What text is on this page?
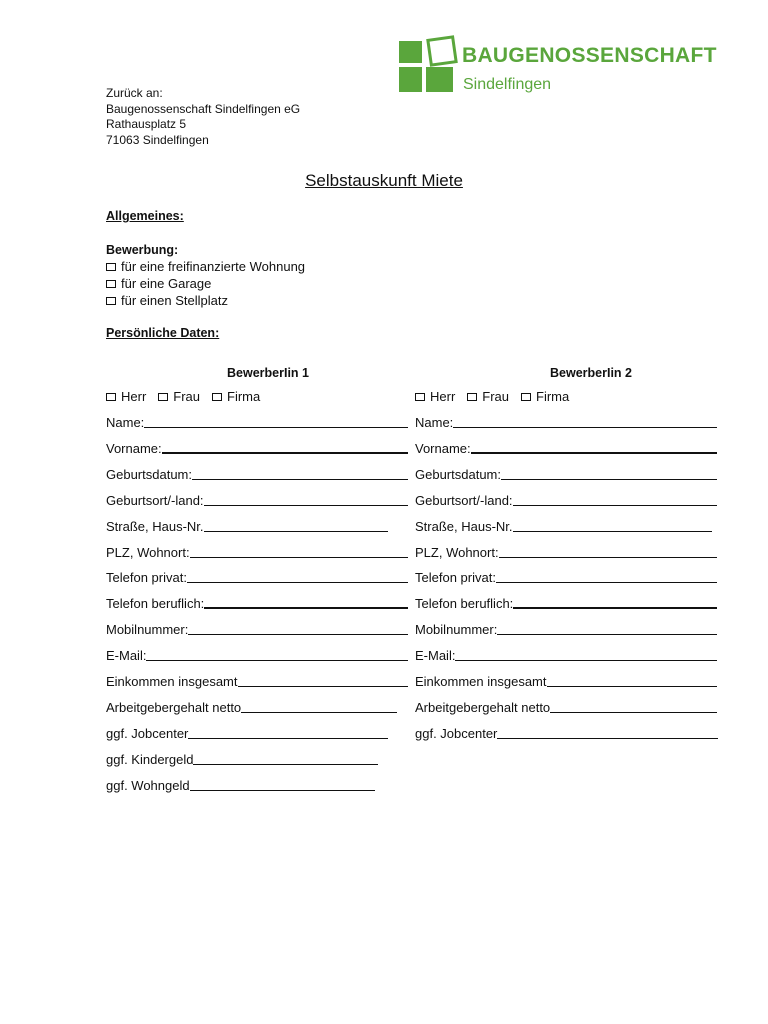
BAUGENOSSENSCHAFT
Sindelfingen
Zurück an:
Baugenossenschaft Sindelfingen eG
Rathausplatz 5
71063 Sindelfingen
Selbstauskunft Miete
Allgemeines:
Bewerbung:
für eine freifinanzierte Wohnung
für eine Garage
für einen Stellplatz
Persönliche Daten:
BewerberIin 1	BewerberIin 2
Herr Frau Firma	Herr Frau Firma
Name:	Name:
Vorname:	Vorname:
Geburtsdatum:	Geburtsdatum:
Geburtsort/-land:	Geburtsort/-land:
Straße, Haus-Nr.	Straße, Haus-Nr.
PLZ, Wohnort:	PLZ, Wohnort:
Telefon privat:	Telefon privat:
Telefon beruflich:	Telefon beruflich:
Mobilnummer:	Mobilnummer:
E-Mail:	E-Mail:
Einkommen insgesamt	Einkommen insgesamt
Arbeitgebergehalt netto	Arbeitgebergehalt netto
ggf. Jobcenter	ggf. Jobcenter
ggf. Kindergeld
ggf. Wohngeld
